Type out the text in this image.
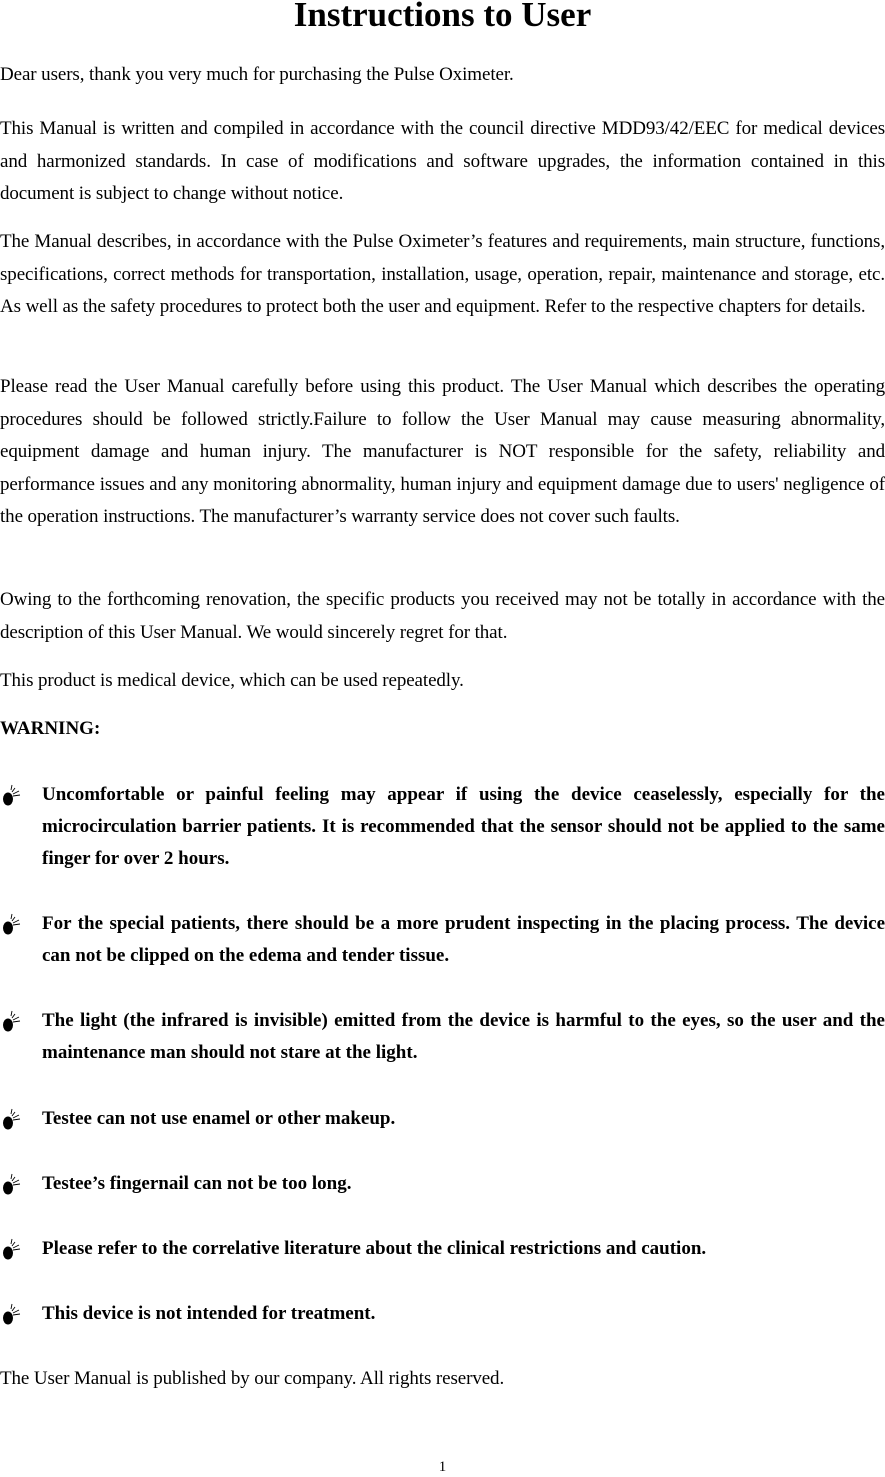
Instructions to User

Dear users, thank you very much for purchasing the Pulse Oximeter.

This Manual is written and compiled in accordance with the council directive MDD93/42/EEC for medical devices and harmonized standards. In case of modifications and software upgrades, the information contained in this document is subject to change without notice.

The Manual describes, in accordance with the Pulse Oximeter’s features and requirements, main structure, functions, specifications, correct methods for transportation, installation, usage, operation, repair, maintenance and storage, etc. As well as the safety procedures to protect both the user and equipment. Refer to the respective chapters for details.

Please read the User Manual carefully before using this product. The User Manual which describes the operating procedures should be followed strictly.Failure to follow the User Manual may cause measuring abnormality, equipment damage and human injury. The manufacturer is NOT responsible for the safety, reliability and performance issues and any monitoring abnormality, human injury and equipment damage due to users' negligence of the operation instructions. The manufacturer’s warranty service does not cover such faults.

Owing to the forthcoming renovation, the specific products you received may not be totally in accordance with the description of this User Manual. We would sincerely regret for that.

This product is medical device, which can be used repeatedly.

WARNING:

Uncomfortable or painful feeling may appear if using the device ceaselessly, especially for the microcirculation barrier patients. It is recommended that the sensor should not be applied to the same finger for over 2 hours.

For the special patients, there should be a more prudent inspecting in the placing process. The device can not be clipped on the edema and tender tissue.

The light (the infrared is invisible) emitted from the device is harmful to the eyes, so the user and the maintenance man should not stare at the light.

Testee can not use enamel or other makeup.

Testee’s fingernail can not be too long.

Please refer to the correlative literature about the clinical restrictions and caution.

This device is not intended for treatment.

The User Manual is published by our company. All rights reserved.

1
